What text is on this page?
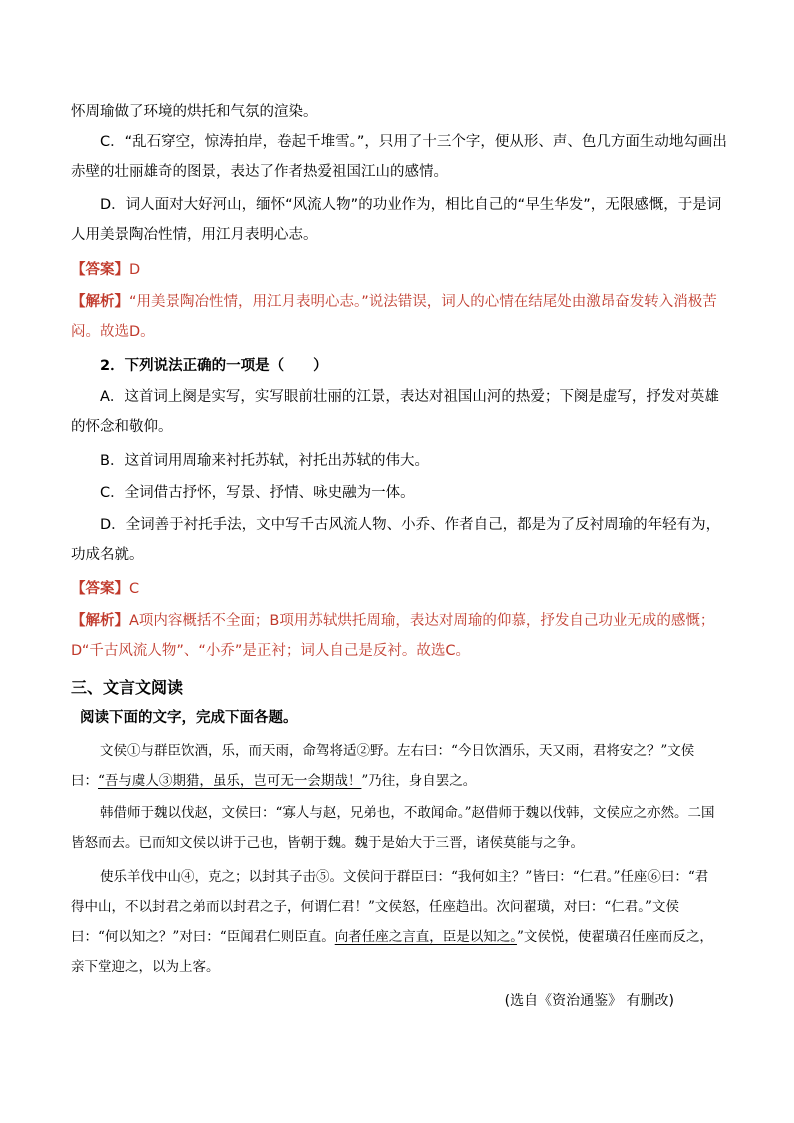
怀周瑜做了环境的烘托和气氛的渲染。
C．“乱石穿空，惊涛拍岸，卷起千堆雪。”，只用了十三个字，便从形、声、色几方面生动地勾画出赤壁的壮丽雄奇的图景，表达了作者热爱祖国江山的感情。
D．词人面对大好河山，缅怀“风流人物”的功业作为，相比自己的“早生华发”，无限感慨，于是词人用美景陶冶性情，用江月表明心志。
【答案】D
【解析】“用美景陶冶性情，用江月表明心志。”说法错误，词人的心情在结尾处由激昂奋发转入消极苦闷。故选D。
2．下列说法正确的一项是（　　）
A．这首词上阕是实写，实写眼前壮丽的江景，表达对祖国山河的热爱；下阕是虚写，抒发对英雄的怀念和敬仰。
B．这首词用周瑜来衬托苏轼，衬托出苏轼的伟大。
C．全词借古抒怀，写景、抒情、咏史融为一体。
D．全词善于衬托手法，文中写千古风流人物、小乔、作者自己，都是为了反衬周瑜的年轻有为，功成名就。
【答案】C
【解析】A项内容概括不全面；B项用苏轼烘托周瑜，表达对周瑜的仰慕，抒发自己功业无成的感慨；D“千古风流人物”、“小乔”是正衬；词人自己是反衬。故选C。
三、文言文阅读
阅读下面的文字，完成下面各题。
文侯①与群臣饮酒，乐，而天雨，命驾将适②野。左右曰：“今日饮酒乐，天又雨，君将安之？”文侯曰：“吾与虞人③期猎，虽乐，岂可无一会期哉！”乃往，身自罢之。
韩借师于魏以伐赵，文侯曰：“寡人与赵，兄弟也，不敢闻命。”赵借师于魏以伐韩，文侯应之亦然。二国皆怒而去。已而知文侯以讲于己也，皆朝于魏。魏于是始大于三晋，诸侯莫能与之争。
使乐羊伐中山④，克之；以封其子击⑤。文侯问于群臣曰：“我何如主？”皆曰：“仁君。”任座⑥曰：“君得中山，不以封君之弟而以封君之子，何谓仁君！”文侯怒，任座趋出。次问翟璜，对曰：“仁君。”文侯曰：“何以知之？”对曰：“臣闻君仁则臣直。向者任座之言直，臣是以知之。”文侯悦，使翟璜召任座而反之，亲下堂迎之，以为上客。
(选自《资治通鉴》 有删改)
